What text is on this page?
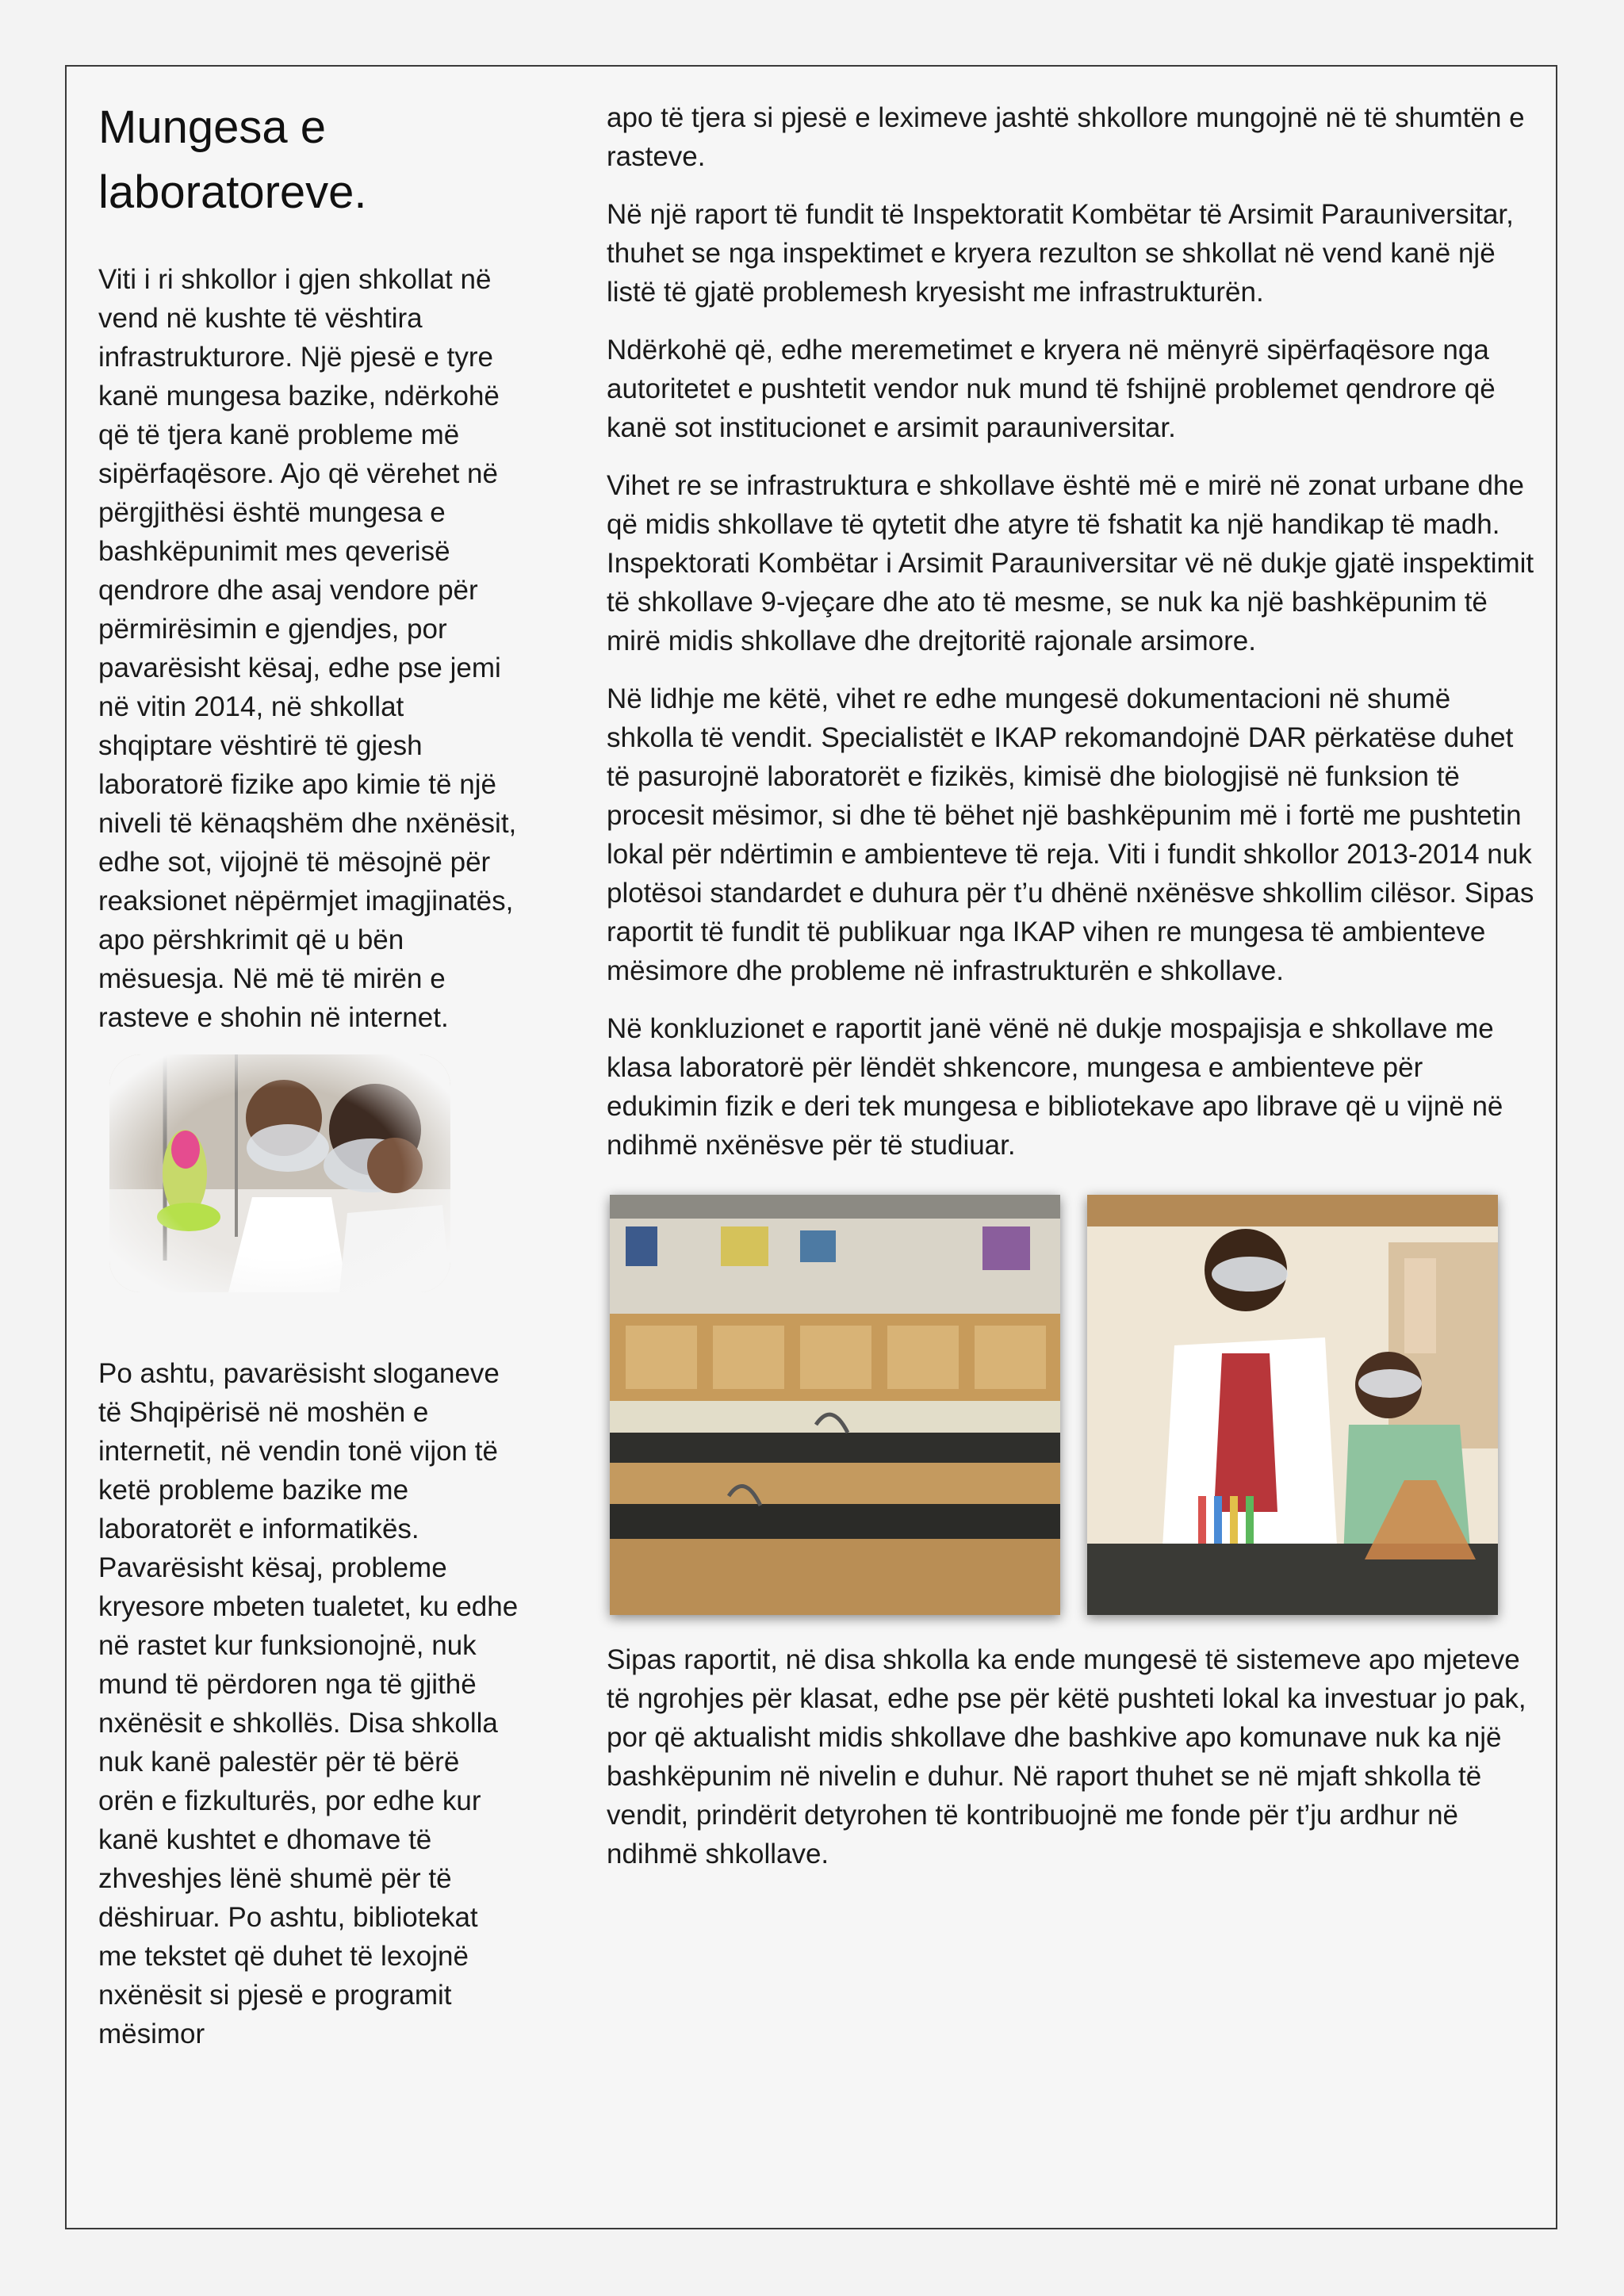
Mungesa e laboratoreve.

Viti i ri shkollor i gjen shkollat në vend në kushte të vështira infrastrukturore. Një pjesë e tyre kanë mungesa bazike, ndërkohë që të tjera kanë probleme më sipërfaqësore. Ajo që vërehet në përgjithësi është mungesa e bashkëpunimit mes qeverisë qendrore dhe asaj vendore për përmirësimin e gjendjes, por pavarësisht kësaj, edhe pse jemi në vitin 2014, në shkollat shqiptare vështirë të gjesh laboratorë fizike apo kimie të një niveli të kënaqshëm dhe nxënësit, edhe sot, vijojnë të mësojnë për reaksionet nëpërmjet imagjinatës, apo përshkrimit që u bën mësuesja. Në më të mirën e rasteve e shohin në internet.

Po ashtu, pavarësisht sloganeve të Shqipërisë në moshën e internetit, në vendin tonë vijon të ketë probleme bazike me laboratorët e informatikës. Pavarësisht kësaj, probleme kryesore mbeten tualetet, ku edhe në rastet kur funksionojnë, nuk mund të përdoren nga të gjithë nxënësit e shkollës. Disa shkolla nuk kanë palestër për të bërë orën e fizkulturës, por edhe kur kanë kushtet e dhomave të zhveshjes lënë shumë për të dëshiruar. Po ashtu, bibliotekat me tekstet që duhet të lexojnë nxënësit si pjesë e programit mësimor

apo të tjera si pjesë e leximeve jashtë shkollore mungojnë në të shumtën e rasteve.

Në një raport të fundit të Inspektoratit Kombëtar të Arsimit Parauniversitar, thuhet se nga inspektimet e kryera rezulton se shkollat në vend kanë një listë të gjatë problemesh kryesisht me infrastrukturën.

Ndërkohë që, edhe meremetimet e kryera në mënyrë sipërfaqësore nga autoritetet e pushtetit vendor nuk mund të fshijnë problemet qendrore që kanë sot institucionet e arsimit parauniversitar.

Vihet re se infrastruktura e shkollave është më e mirë në zonat urbane dhe që midis shkollave të qytetit dhe atyre të fshatit ka një handikap të madh. Inspektorati Kombëtar i Arsimit Parauniversitar vë në dukje gjatë inspektimit të shkollave 9-vjeçare dhe ato të mesme, se nuk ka një bashkëpunim të mirë midis shkollave dhe drejtoritë rajonale arsimore.

Në lidhje me këtë, vihet re edhe mungesë dokumentacioni në shumë shkolla të vendit. Specialistët e IKAP rekomandojnë DAR përkatëse duhet të pasurojnë laboratorët e fizikës, kimisë dhe biologjisë në funksion të procesit mësimor, si dhe të bëhet një bashkëpunim më i fortë me pushtetin lokal për ndërtimin e ambienteve të reja. Viti i fundit shkollor 2013-2014 nuk plotësoi standardet e duhura për t’u dhënë nxënësve shkollim cilësor. Sipas raportit të fundit të publikuar nga IKAP vihen re mungesa të ambienteve mësimore dhe probleme në infrastrukturën e shkollave.

Në konkluzionet e raportit janë vënë në dukje mospajisja e shkollave me klasa laboratorë për lëndët shkencore, mungesa e ambienteve për edukimin fizik e deri tek mungesa e bibliotekave apo librave që u vijnë në ndihmë nxënësve për të studiuar.

Sipas raportit, në disa shkolla ka ende mungesë të sistemeve apo mjeteve të ngrohjes për klasat, edhe pse për këtë pushteti lokal ka investuar jo pak, por që aktualisht midis shkollave dhe bashkive apo komunave nuk ka një bashkëpunim në nivelin e duhur. Në raport thuhet se në mjaft shkolla të vendit, prindërit detyrohen të kontribuojnë me fonde për t’ju ardhur në ndihmë shkollave.
